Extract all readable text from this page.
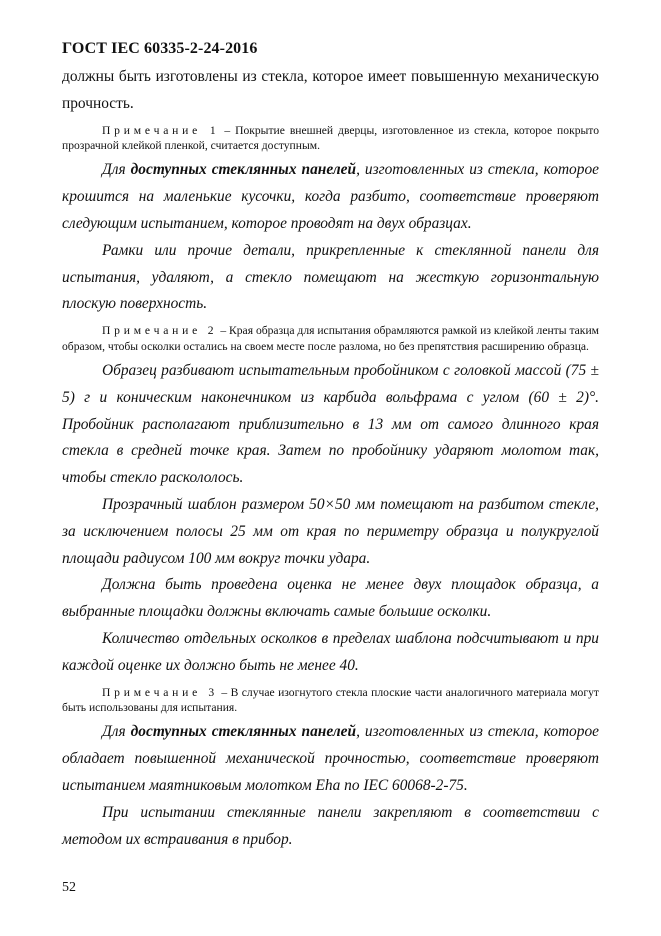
ГОСТ IEC 60335-2-24-2016

должны быть изготовлены из стекла, которое имеет повышенную механическую прочность.

Примечание 1 – Покрытие внешней дверцы, изготовленное из стекла, которое покрыто прозрачной клейкой пленкой, считается доступным.

Для доступных стеклянных панелей, изготовленных из стекла, которое крошится на маленькие кусочки, когда разбито, соответствие проверяют следующим испытанием, которое проводят на двух образцах.

Рамки или прочие детали, прикрепленные к стеклянной панели для испытания, удаляют, а стекло помещают на жесткую горизонтальную плоскую поверхность.

Примечание 2 – Края образца для испытания обрамляются рамкой из клейкой ленты таким образом, чтобы осколки остались на своем месте после разлома, но без препятствия расширению образца.

Образец разбивают испытательным пробойником с головкой массой (75 ± 5) г и коническим наконечником из карбида вольфрама с углом (60 ± 2)°. Пробойник располагают приблизительно в 13 мм от самого длинного края стекла в средней точке края. Затем по пробойнику ударяют молотом так, чтобы стекло раскололось.

Прозрачный шаблон размером 50×50 мм помещают на разбитом стекле, за исключением полосы 25 мм от края по периметру образца и полукруглой площади радиусом 100 мм вокруг точки удара.

Должна быть проведена оценка не менее двух площадок образца, а выбранные площадки должны включать самые большие осколки.

Количество отдельных осколков в пределах шаблона подсчитывают и при каждой оценке их должно быть не менее 40.

Примечание 3 – В случае изогнутого стекла плоские части аналогичного материала могут быть использованы для испытания.

Для доступных стеклянных панелей, изготовленных из стекла, которое обладает повышенной механической прочностью, соответствие проверяют испытанием маятниковым молотком Eha по IEC 60068-2-75.

При испытании стеклянные панели закрепляют в соответствии с методом их встраивания в прибор.

52
